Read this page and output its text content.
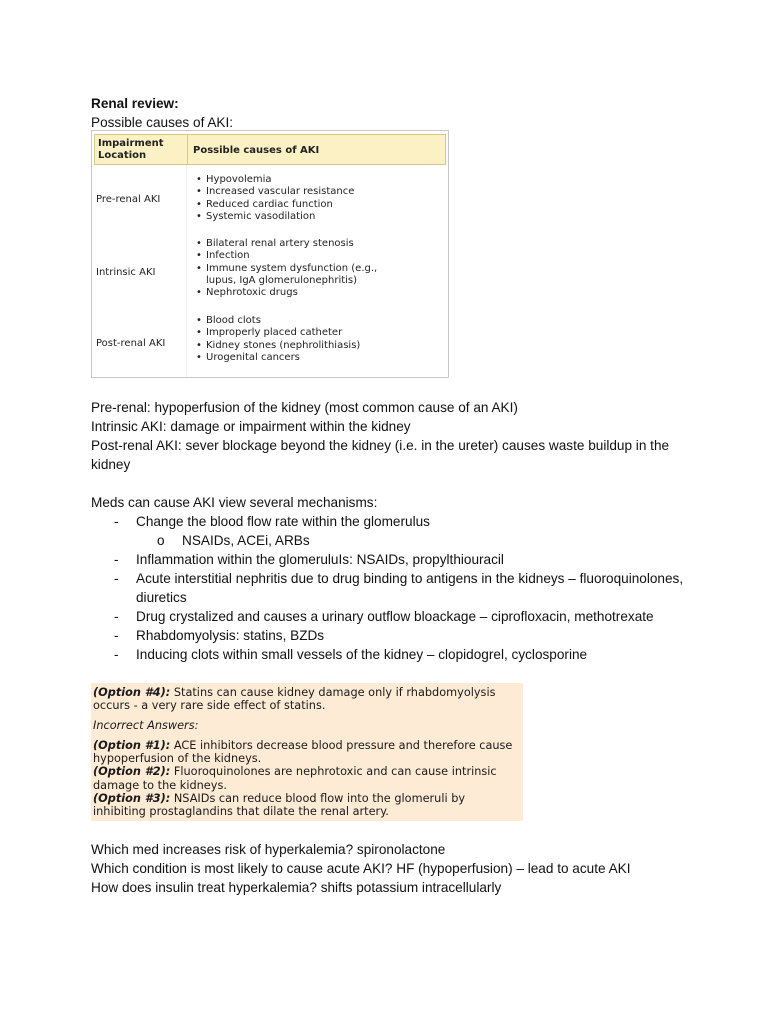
Renal review:
Possible causes of AKI:
Impairment Location	Possible causes of AKI
Pre-renal AKI
• Hypovolemia
• Increased vascular resistance
• Reduced cardiac function
• Systemic vasodilation
Intrinsic AKI
• Bilateral renal artery stenosis
• Infection
• Immune system dysfunction (e.g., lupus, IgA glomerulonephritis)
• Nephrotoxic drugs
Post-renal AKI
• Blood clots
• Improperly placed catheter
• Kidney stones (nephrolithiasis)
• Urogenital cancers
Pre-renal: hypoperfusion of the kidney (most common cause of an AKI)
Intrinsic AKI: damage or impairment within the kidney
Post-renal AKI: sever blockage beyond the kidney (i.e. in the ureter) causes waste buildup in the kidney
Meds can cause AKI view several mechanisms:
- Change the blood flow rate within the glomerulus
o NSAIDs, ACEi, ARBs
- Inflammation within the glomeruluIs: NSAIDs, propylthiouracil
- Acute interstitial nephritis due to drug binding to antigens in the kidneys – fluoroquinolones, diuretics
- Drug crystalized and causes a urinary outflow bloackage – ciprofloxacin, methotrexate
- Rhabdomyolysis: statins, BZDs
- Inducing clots within small vessels of the kidney – clopidogrel, cyclosporine

(Option #4): Statins can cause kidney damage only if rhabdomyolysis occurs - a very rare side effect of statins.

Incorrect Answers:

(Option #1): ACE inhibitors decrease blood pressure and therefore cause hypoperfusion of the kidneys.

(Option #2): Fluoroquinolones are nephrotoxic and can cause intrinsic damage to the kidneys.

(Option #3): NSAIDs can reduce blood flow into the glomeruli by inhibiting prostaglandins that dilate the renal artery.

Which med increases risk of hyperkalemia? spironolactone
Which condition is most likely to cause acute AKI? HF (hypoperfusion) – lead to acute AKI
How does insulin treat hyperkalemia? shifts potassium intracellularly
